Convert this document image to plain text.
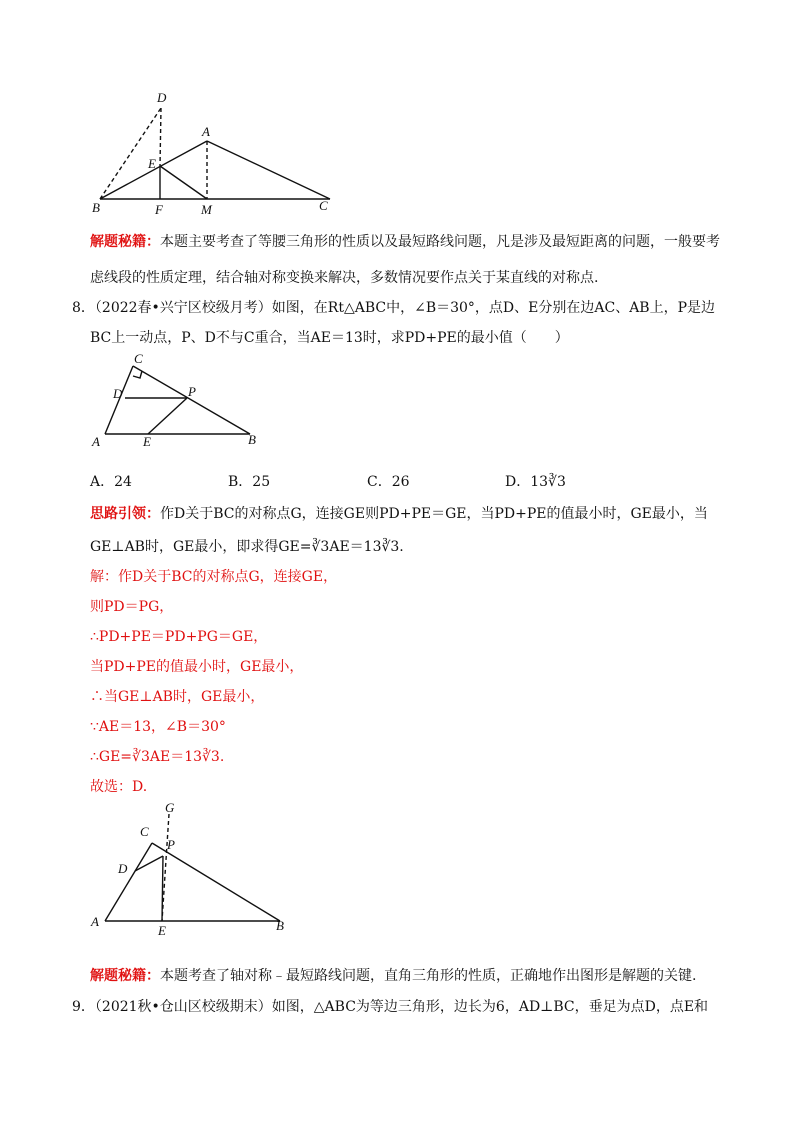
D
A
E
B	F	M	C
解题秘籍：本题主要考查了等腰三角形的性质以及最短路线问题，凡是涉及最短距离的问题，一般要考
虑线段的性质定理，结合轴对称变换来解决，多数情况要作点关于某直线的对称点.
8．（2022春•兴宁区校级月考）如图，在Rt△ABC中，∠B＝30°，点D、E分别在边AC、AB上，P是边
BC上一动点，P、D不与C重合，当AE＝13时，求PD+PE的最小值（　　）
C
D	P
A	E	B
A．24	B．25	C．26	D．13∛3
思路引领：作D关于BC的对称点G，连接GE则PD+PE＝GE，当PD+PE的值最小时，GE最小，当
GE⊥AB时，GE最小，即求得GE=∛3AE＝13∛3.
解：作D关于BC的对称点G，连接GE，
则PD＝PG，
∴PD+PE＝PD+PG＝GE，
当PD+PE的值最小时，GE最小，
∴当GE⊥AB时，GE最小，
∵AE＝13，∠B＝30°
∴GE=∛3AE＝13∛3.
故选：D.
G
C
P
D
A
E	B
解题秘籍：本题考查了轴对称﹣最短路线问题，直角三角形的性质，正确地作出图形是解题的关键.
9．（2021秋•仓山区校级期末）如图，△ABC为等边三角形，边长为6，AD⊥BC，垂足为点D，点E和
